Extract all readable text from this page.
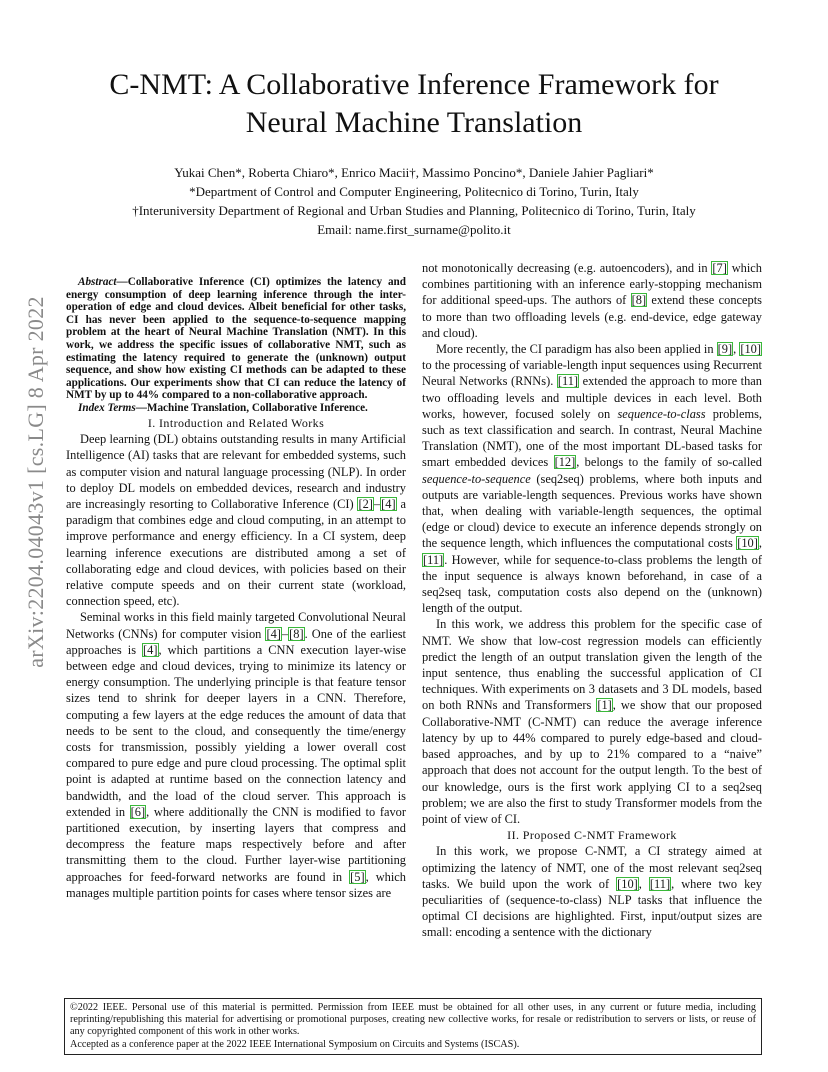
arXiv:2204.04043v1 [cs.LG] 8 Apr 2022
C-NMT: A Collaborative Inference Framework for
Neural Machine Translation
Yukai Chen*, Roberta Chiaro*, Enrico Macii†, Massimo Poncino*, Daniele Jahier Pagliari*
*Department of Control and Computer Engineering, Politecnico di Torino, Turin, Italy
†Interuniversity Department of Regional and Urban Studies and Planning, Politecnico di Torino, Turin, Italy
Email: name.first_surname@polito.it

Abstract—Collaborative Inference (CI) optimizes the latency and energy consumption of deep learning inference through the inter-operation of edge and cloud devices. Albeit beneficial for other tasks, CI has never been applied to the sequence-to-sequence mapping problem at the heart of Neural Machine Translation (NMT). In this work, we address the specific issues of collaborative NMT, such as estimating the latency required to generate the (unknown) output sequence, and show how existing CI methods can be adapted to these applications. Our experiments show that CI can reduce the latency of NMT by up to 44% compared to a non-collaborative approach.

Index Terms—Machine Translation, Collaborative Inference.

I. Introduction and Related Works

Deep learning (DL) obtains outstanding results in many Artificial Intelligence (AI) tasks that are relevant for embedded systems, such as computer vision and natural language processing (NLP). In order to deploy DL models on embedded devices, research and industry are increasingly resorting to Collaborative Inference (CI) [2]–[4] a paradigm that combines edge and cloud computing, in an attempt to improve performance and energy efficiency. In a CI system, deep learning inference executions are distributed among a set of collaborating edge and cloud devices, with policies based on their relative compute speeds and on their current state (workload, connection speed, etc).

Seminal works in this field mainly targeted Convolutional Neural Networks (CNNs) for computer vision [4]–[8]. One of the earliest approaches is [4], which partitions a CNN execution layer-wise between edge and cloud devices, trying to minimize its latency or energy consumption. The underlying principle is that feature tensor sizes tend to shrink for deeper layers in a CNN. Therefore, computing a few layers at the edge reduces the amount of data that needs to be sent to the cloud, and consequently the time/energy costs for transmission, possibly yielding a lower overall cost compared to pure edge and pure cloud processing. The optimal split point is adapted at runtime based on the connection latency and bandwidth, and the load of the cloud server. This approach is extended in [6], where additionally the CNN is modified to favor partitioned execution, by inserting layers that compress and decompress the feature maps respectively before and after transmitting them to the cloud. Further layer-wise partitioning approaches for feed-forward networks are found in [5], which manages multiple partition points for cases where tensor sizes are

not monotonically decreasing (e.g. autoencoders), and in [7] which combines partitioning with an inference early-stopping mechanism for additional speed-ups. The authors of [8] extend these concepts to more than two offloading levels (e.g. end-device, edge gateway and cloud).

More recently, the CI paradigm has also been applied in [9], [10] to the processing of variable-length input sequences using Recurrent Neural Networks (RNNs). [11] extended the approach to more than two offloading levels and multiple devices in each level. Both works, however, focused solely on sequence-to-class problems, such as text classification and search. In contrast, Neural Machine Translation (NMT), one of the most important DL-based tasks for smart embedded devices [12], belongs to the family of so-called sequence-to-sequence (seq2seq) problems, where both inputs and outputs are variable-length sequences. Previous works have shown that, when dealing with variable-length sequences, the optimal (edge or cloud) device to execute an inference depends strongly on the sequence length, which influences the computational costs [10], [11]. However, while for sequence-to-class problems the length of the input sequence is always known beforehand, in case of a seq2seq task, computation costs also depend on the (unknown) length of the output.

In this work, we address this problem for the specific case of NMT. We show that low-cost regression models can efficiently predict the length of an output translation given the length of the input sentence, thus enabling the successful application of CI techniques. With experiments on 3 datasets and 3 DL models, based on both RNNs and Transformers [1], we show that our proposed Collaborative-NMT (C-NMT) can reduce the average inference latency by up to 44% compared to purely edge-based and cloud-based approaches, and by up to 21% compared to a “naive” approach that does not account for the output length. To the best of our knowledge, ours is the first work applying CI to a seq2seq problem; we are also the first to study Transformer models from the point of view of CI.

II. Proposed C-NMT Framework

In this work, we propose C-NMT, a CI strategy aimed at optimizing the latency of NMT, one of the most relevant seq2seq tasks. We build upon the work of [10], [11], where two key peculiarities of (sequence-to-class) NLP tasks that influence the optimal CI decisions are highlighted. First, input/output sizes are small: encoding a sentence with the dictionary

©2022 IEEE. Personal use of this material is permitted. Permission from IEEE must be obtained for all other uses, in any current or future media, including reprinting/republishing this material for advertising or promotional purposes, creating new collective works, for resale or redistribution to servers or lists, or reuse of any copyrighted component of this work in other works.

Accepted as a conference paper at the 2022 IEEE International Symposium on Circuits and Systems (ISCAS).
